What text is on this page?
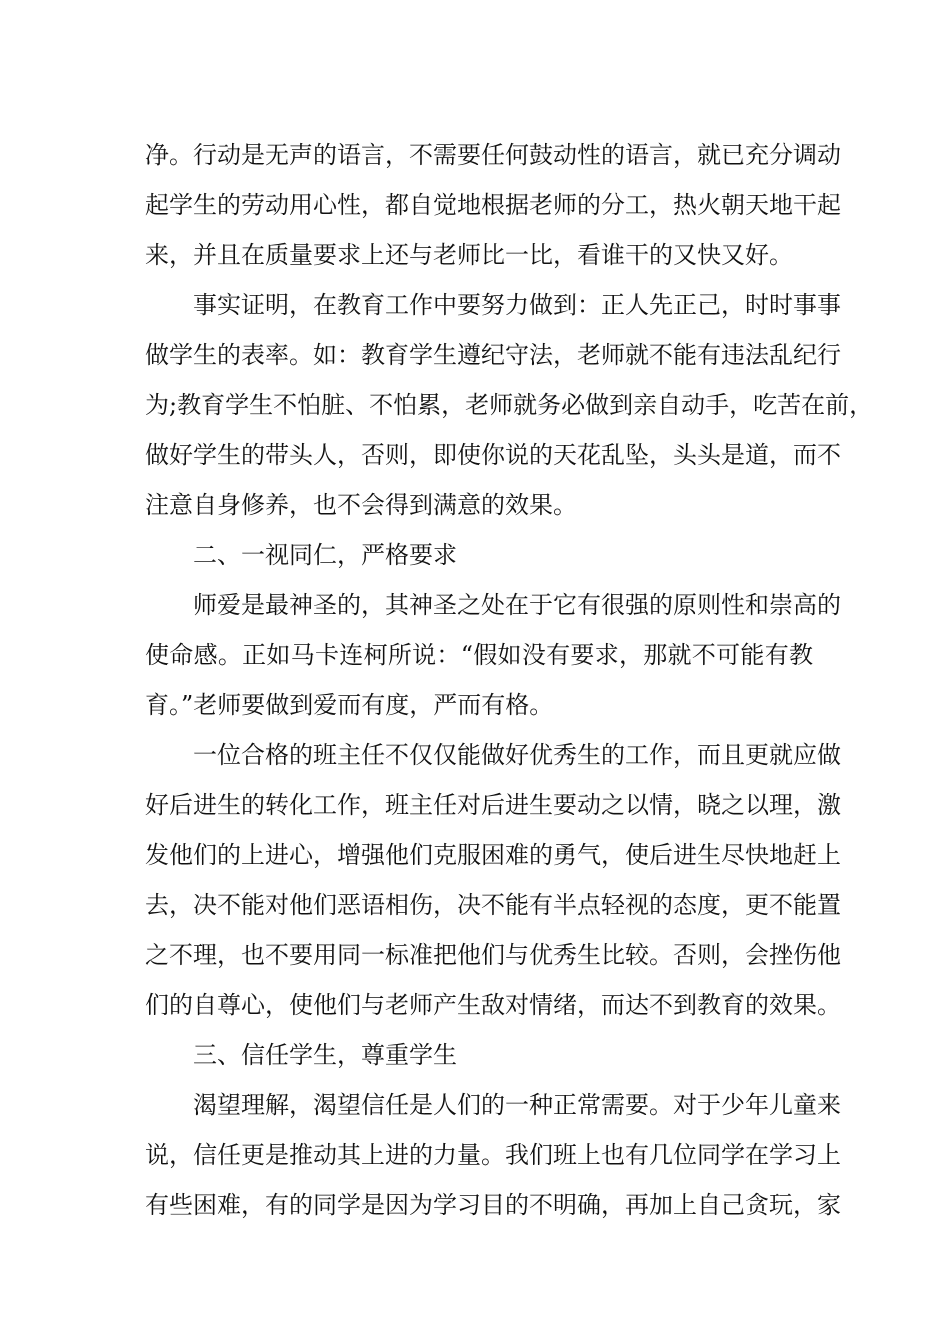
净。行动是无声的语言，不需要任何鼓动性的语言，就已充分调动
起学生的劳动用心性，都自觉地根据老师的分工，热火朝天地干起
来，并且在质量要求上还与老师比一比，看谁干的又快又好。
事实证明，在教育工作中要努力做到：正人先正己，时时事事
做学生的表率。如：教育学生遵纪守法，老师就不能有违法乱纪行
为;教育学生不怕脏、不怕累，老师就务必做到亲自动手，吃苦在前，
做好学生的带头人，否则，即使你说的天花乱坠，头头是道，而不
注意自身修养，也不会得到满意的效果。
二、一视同仁，严格要求
师爱是最神圣的，其神圣之处在于它有很强的原则性和崇高的
使命感。正如马卡连柯所说：“假如没有要求，那就不可能有教
育。”老师要做到爱而有度，严而有格。
一位合格的班主任不仅仅能做好优秀生的工作，而且更就应做
好后进生的转化工作，班主任对后进生要动之以情，晓之以理，激
发他们的上进心，增强他们克服困难的勇气，使后进生尽快地赶上
去，决不能对他们恶语相伤，决不能有半点轻视的态度，更不能置
之不理，也不要用同一标准把他们与优秀生比较。否则，会挫伤他
们的自尊心，使他们与老师产生敌对情绪，而达不到教育的效果。
三、信任学生，尊重学生
渴望理解，渴望信任是人们的一种正常需要。对于少年儿童来
说，信任更是推动其上进的力量。我们班上也有几位同学在学习上
有些困难，有的同学是因为学习目的不明确，再加上自己贪玩，家
